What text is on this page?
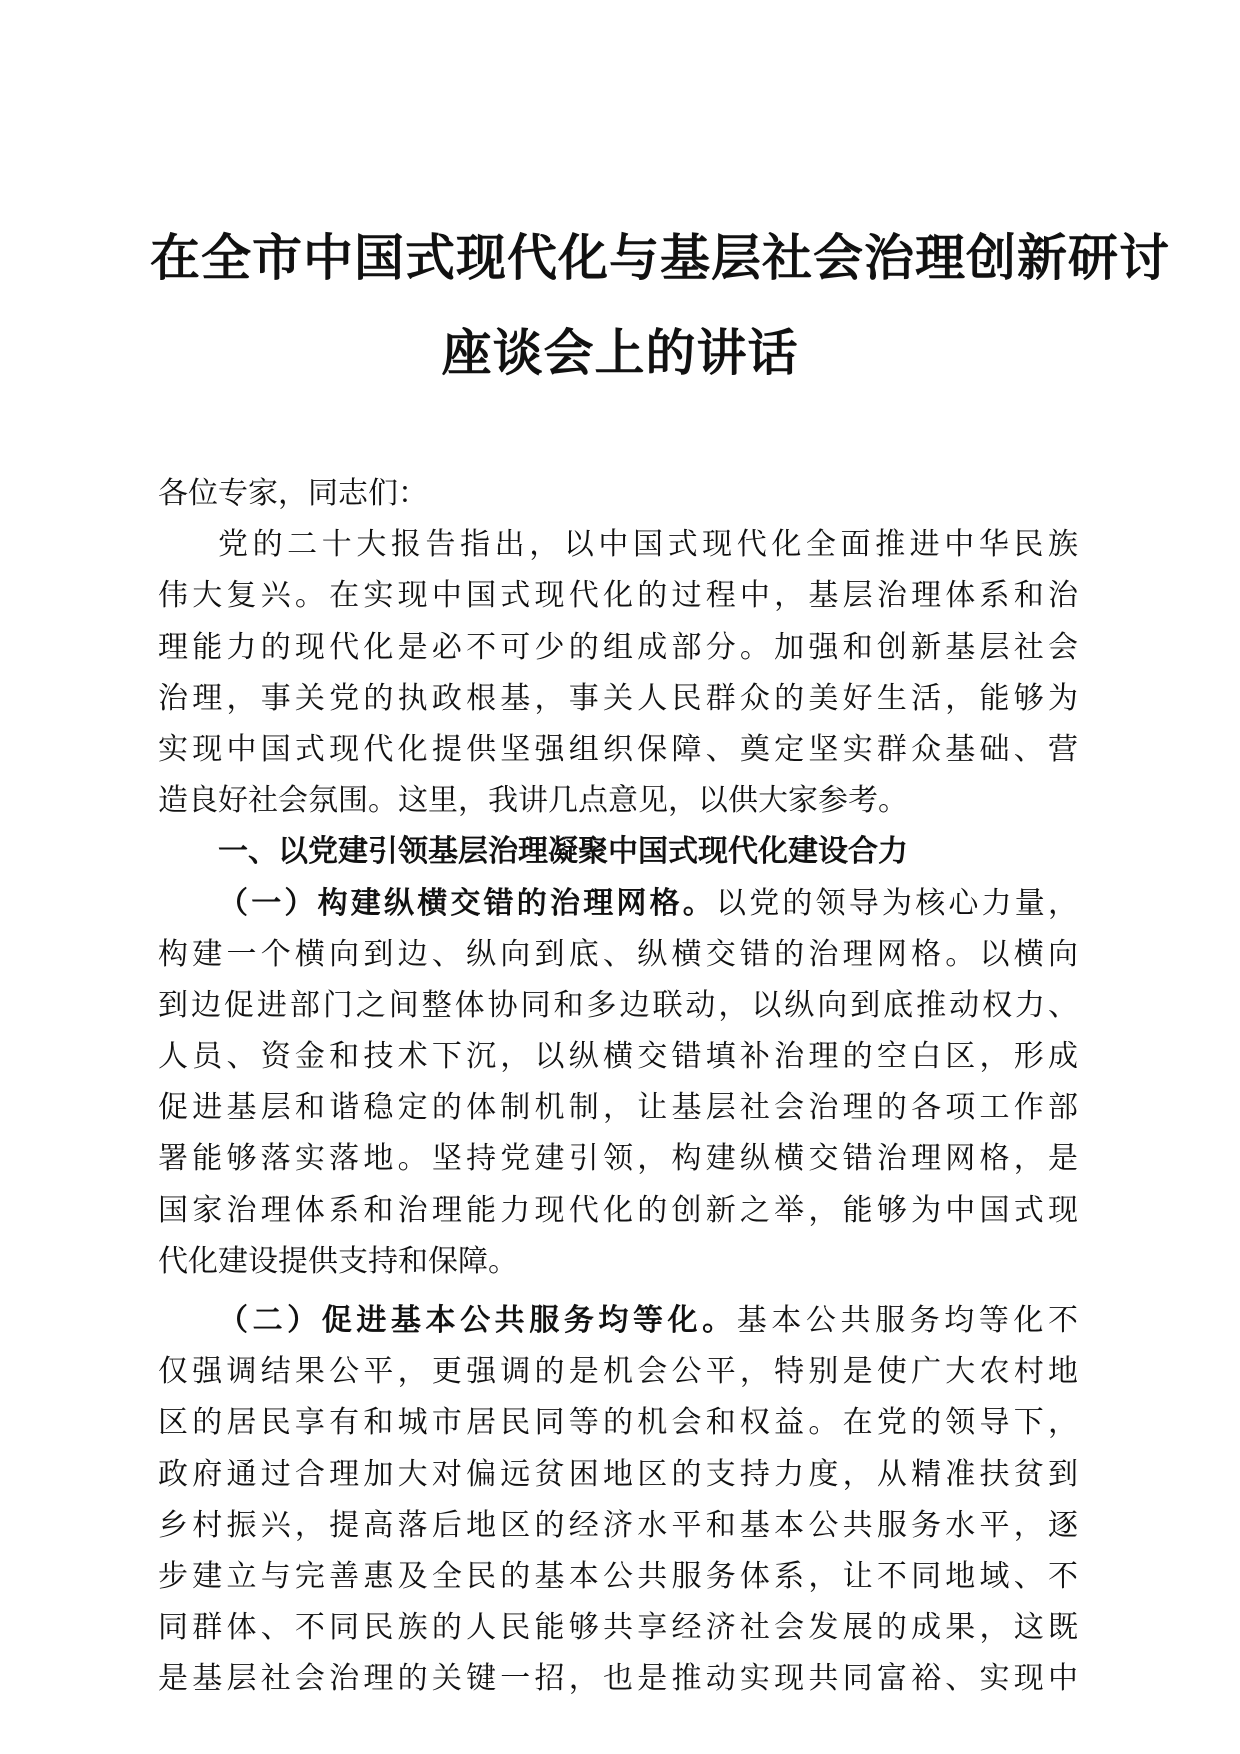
在全市中国式现代化与基层社会治理创新研讨
座谈会上的讲话
各位专家，同志们：
党的二十大报告指出，以中国式现代化全面推进中华民族
伟大复兴。在实现中国式现代化的过程中，基层治理体系和治
理能力的现代化是必不可少的组成部分。加强和创新基层社会
治理，事关党的执政根基，事关人民群众的美好生活，能够为
实现中国式现代化提供坚强组织保障、奠定坚实群众基础、营
造良好社会氛围。这里，我讲几点意见，以供大家参考。
一、以党建引领基层治理凝聚中国式现代化建设合力
（一）构建纵横交错的治理网格。以党的领导为核心力量，
构建一个横向到边、纵向到底、纵横交错的治理网格。以横向
到边促进部门之间整体协同和多边联动，以纵向到底推动权力、
人员、资金和技术下沉，以纵横交错填补治理的空白区，形成
促进基层和谐稳定的体制机制，让基层社会治理的各项工作部
署能够落实落地。坚持党建引领，构建纵横交错治理网格，是
国家治理体系和治理能力现代化的创新之举，能够为中国式现
代化建设提供支持和保障。
（二）促进基本公共服务均等化。基本公共服务均等化不
仅强调结果公平，更强调的是机会公平，特别是使广大农村地
区的居民享有和城市居民同等的机会和权益。在党的领导下，
政府通过合理加大对偏远贫困地区的支持力度，从精准扶贫到
乡村振兴，提高落后地区的经济水平和基本公共服务水平，逐
步建立与完善惠及全民的基本公共服务体系，让不同地域、不
同群体、不同民族的人民能够共享经济社会发展的成果，这既
是基层社会治理的关键一招，也是推动实现共同富裕、实现中
